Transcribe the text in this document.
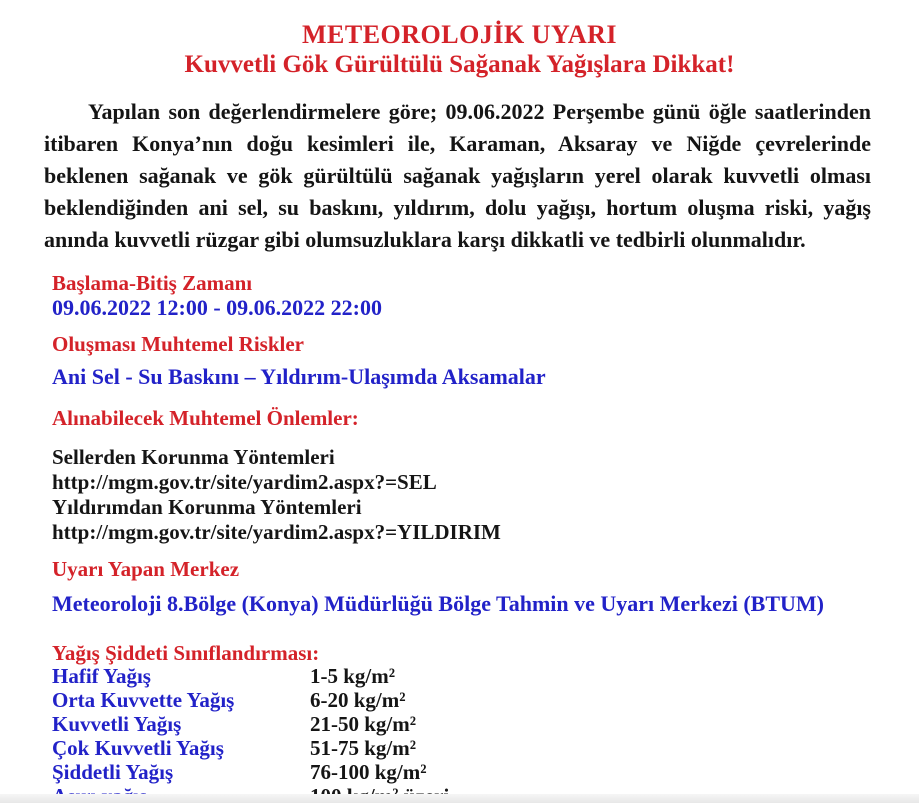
METEOROLOJİK UYARI
Kuvvetli Gök Gürültülü Sağanak Yağışlara Dikkat!
Yapılan son değerlendirmelere göre; 09.06.2022 Perşembe günü öğle saatlerinden itibaren Konya’nın doğu kesimleri ile, Karaman, Aksaray ve Niğde çevrelerinde beklenen sağanak ve gök gürültülü sağanak yağışların yerel olarak kuvvetli olması beklendiğinden ani sel, su baskını, yıldırım, dolu yağışı, hortum oluşma riski, yağış anında kuvvetli rüzgar gibi olumsuzluklara karşı dikkatli ve tedbirli olunmalıdır.
Başlama-Bitiş Zamanı
09.06.2022 12:00 - 09.06.2022 22:00
Oluşması Muhtemel Riskler
Ani Sel - Su Baskını – Yıldırım-Ulaşımda Aksamalar
Alınabilecek Muhtemel Önlemler:
Sellerden Korunma Yöntemleri
http://mgm.gov.tr/site/yardim2.aspx?=SEL
Yıldırımdan Korunma Yöntemleri
http://mgm.gov.tr/site/yardim2.aspx?=YILDIRIM
Uyarı Yapan Merkez
Meteoroloji 8.Bölge (Konya) Müdürlüğü Bölge Tahmin ve Uyarı Merkezi (BTUM)
Yağış Şiddeti Sınıflandırması:
Hafif Yağış	1-5 kg/m²
Orta Kuvvette Yağış	6-20 kg/m²
Kuvvetli Yağış	21-50 kg/m²
Çok Kuvvetli Yağış	51-75 kg/m²
Şiddetli Yağış	76-100 kg/m²
